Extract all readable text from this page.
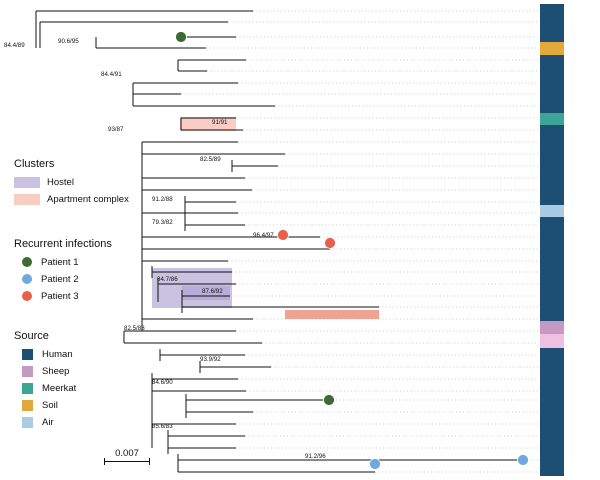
84.4/89
90.6/95
84.4/91
93/87
91/91
82.5/89
91.2/88
79.3/82
96.4/97
84.7/86
87.6/92
82.5/88
93.9/92
84.6/90
85.6/83
91.2/96
Clusters
Hostel
Apartment complex
Recurrent infections
Patient 1
Patient 2
Patient 3
Source
Human
Sheep
Meerkat
Soil
Air
0.007
